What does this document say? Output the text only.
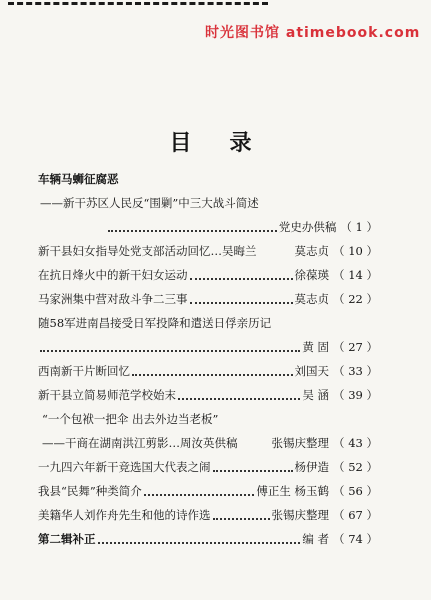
时光图书馆 atimebook.com
目录
车辆马蛳征腐恶
——新干苏区人民反“围剿”中三大战斗简述
党史办供稿 （ 1 ）
新干县妇女指导处党支部活动回忆…吴晦兰	莫志贞 （ 10 ）
在抗日烽火中的新干妇女运动	徐葆瑛 （ 14 ）
马家洲集中营对敌斗争二三事	莫志贞 （ 22 ）
随58军进南昌接受日军投降和遣送日俘亲历记
黄 固 （ 27 ）
西南新干片断回忆	刘国天 （ 33 ）
新干县立简易师范学校始末	吴 涵 （ 39 ）
“一个包袱一把伞 出去外边当老板”
——干商在湖南洪江剪影…周汝英供稿	张锡庆整理 （ 43 ）
一九四六年新干竞选国大代表之闹	杨伊造 （ 52 ）
我县“民舞”种类简介	傅正生 杨玉鹤 （ 56 ）
美籍华人刘作舟先生和他的诗作选	张锡庆整理 （ 67 ）
第二辑补正	编 者 （ 74 ）
